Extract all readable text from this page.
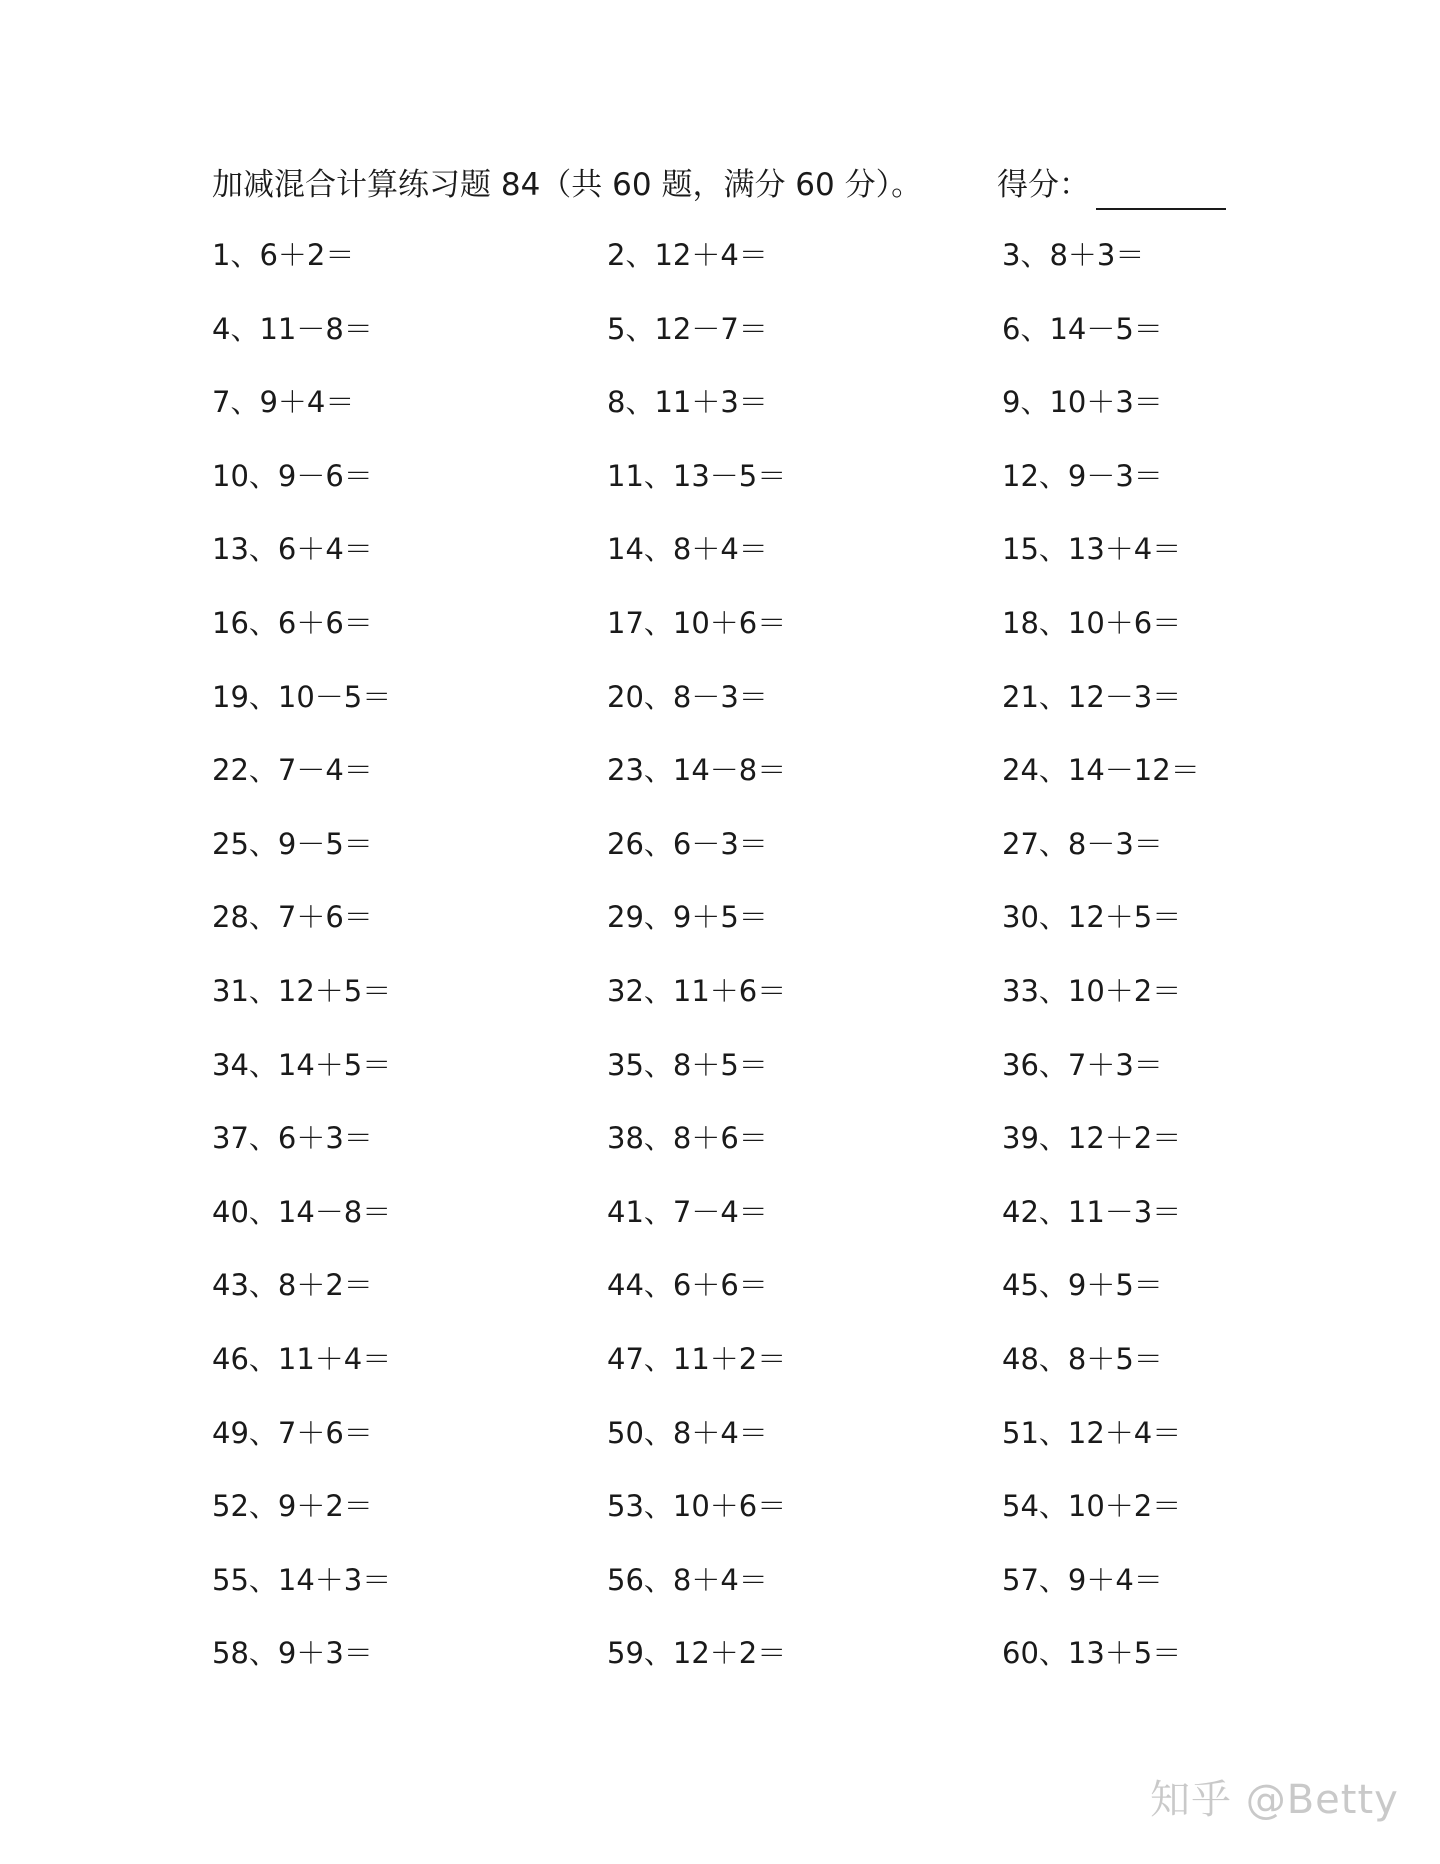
加减混合计算练习题 84（共 60 题，满分 60 分）。 得分：
1、6＋2＝	2、12＋4＝	3、8＋3＝
4、11－8＝	5、12－7＝	6、14－5＝
7、9＋4＝	8、11＋3＝	9、10＋3＝
10、9－6＝	11、13－5＝	12、9－3＝
13、6＋4＝	14、8＋4＝	15、13＋4＝
16、6＋6＝	17、10＋6＝	18、10＋6＝
19、10－5＝	20、8－3＝	21、12－3＝
22、7－4＝	23、14－8＝	24、14－12＝
25、9－5＝	26、6－3＝	27、8－3＝
28、7＋6＝	29、9＋5＝	30、12＋5＝
31、12＋5＝	32、11＋6＝	33、10＋2＝
34、14＋5＝	35、8＋5＝	36、7＋3＝
37、6＋3＝	38、8＋6＝	39、12＋2＝
40、14－8＝	41、7－4＝	42、11－3＝
43、8＋2＝	44、6＋6＝	45、9＋5＝
46、11＋4＝	47、11＋2＝	48、8＋5＝
49、7＋6＝	50、8＋4＝	51、12＋4＝
52、9＋2＝	53、10＋6＝	54、10＋2＝
55、14＋3＝	56、8＋4＝	57、9＋4＝
58、9＋3＝	59、12＋2＝	60、13＋5＝
知乎 @Betty
